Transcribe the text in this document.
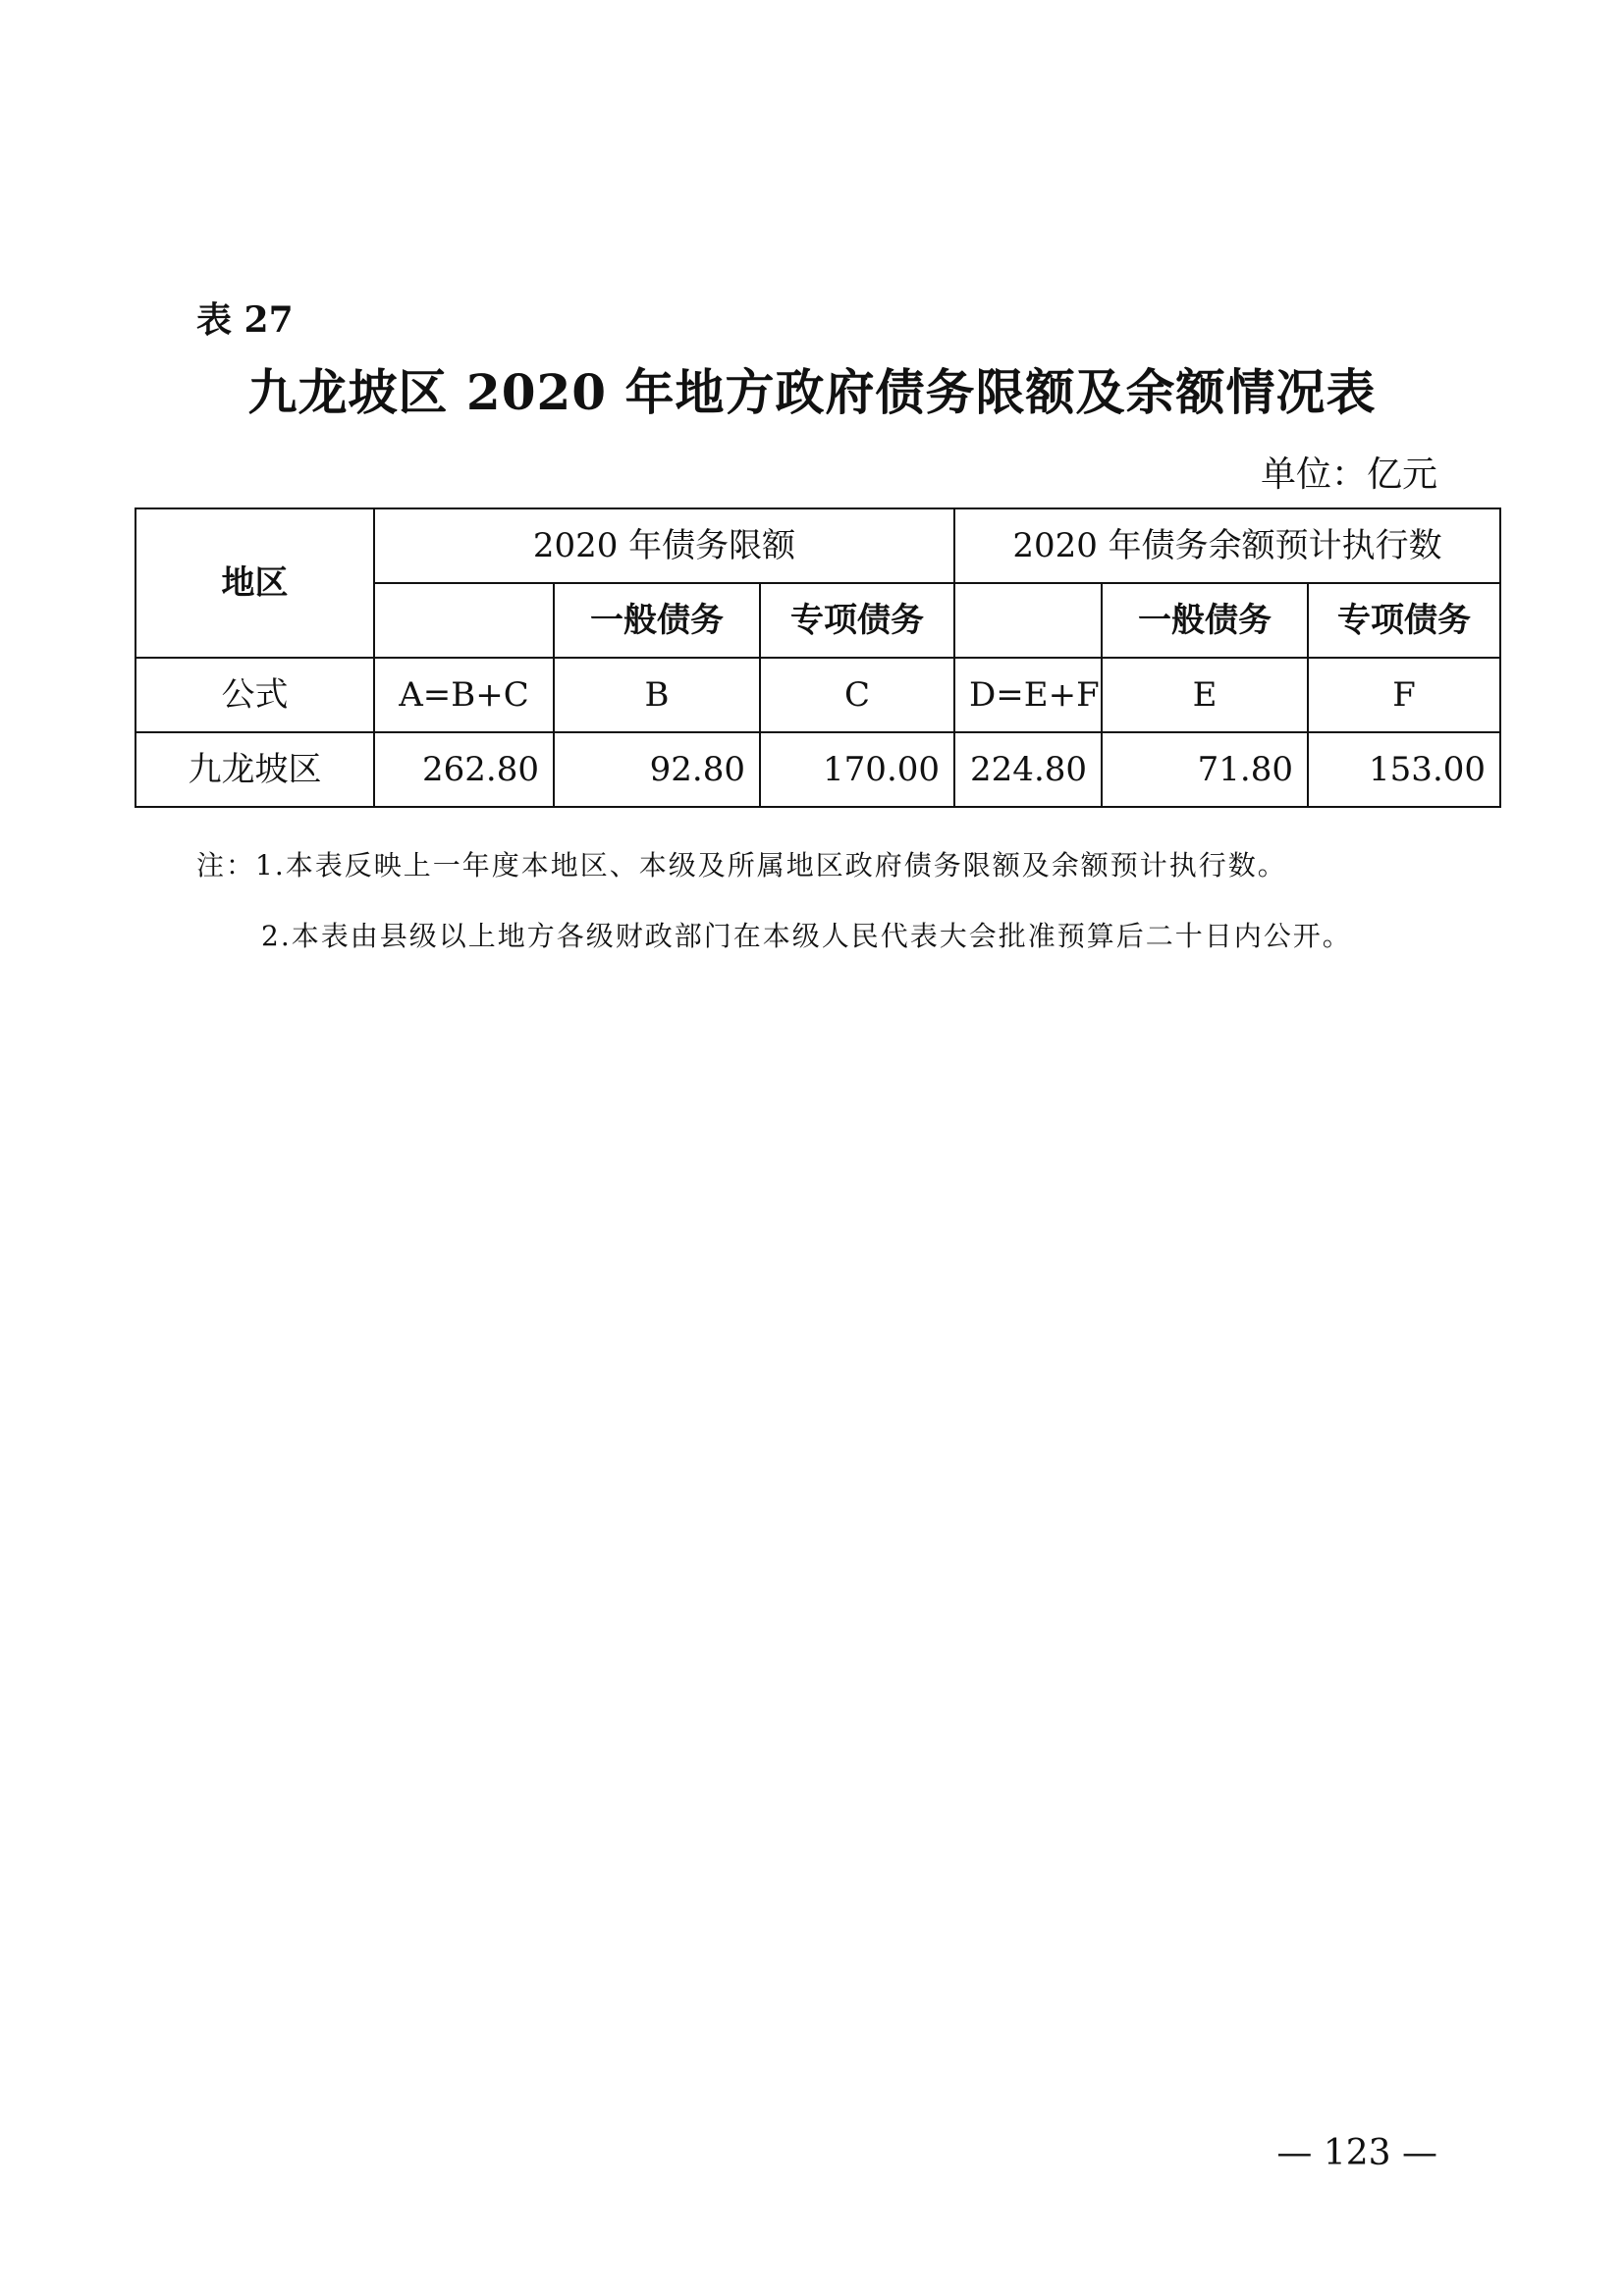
表 27
九龙坡区 2020 年地方政府债务限额及余额情况表
单位：亿元
地区	2020 年债务限额			2020 年债务余额预计执行数		
		一般债务	专项债务		一般债务	专项债务
公式	A=B+C	B	C	D=E+F	E	F
九龙坡区	262.80	92.80	170.00	224.80	71.80	153.00
注：1.本表反映上一年度本地区、本级及所属地区政府债务限额及余额预计执行数。
2.本表由县级以上地方各级财政部门在本级人民代表大会批准预算后二十日内公开。
— 123 —
